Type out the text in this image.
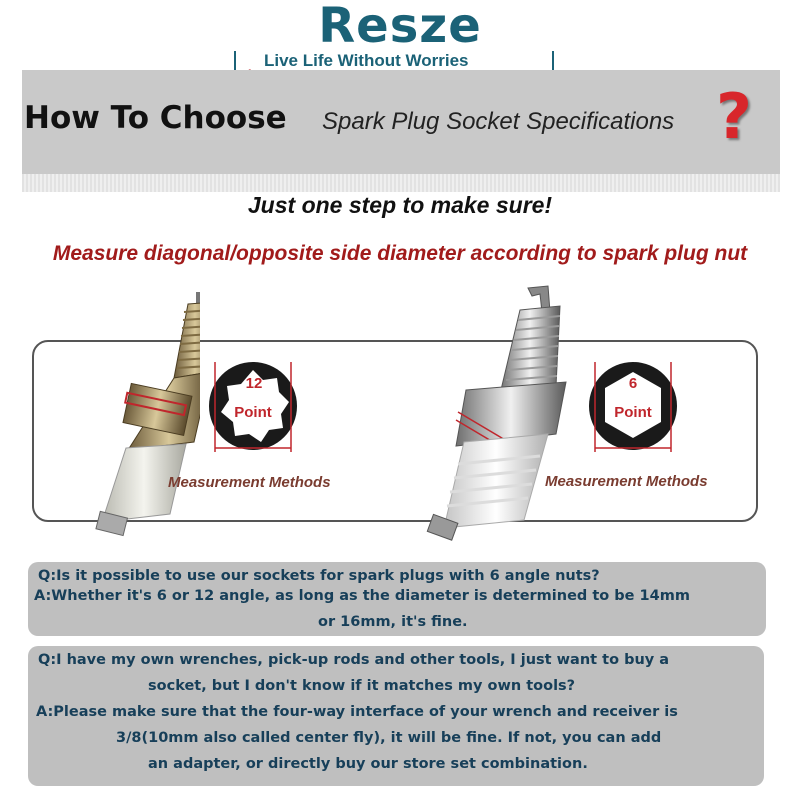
Resze
Live Life Without Worries
How To Choose Spark Plug Socket Specifications ?
Just one step to make sure!
Measure diagonal/opposite side diameter according to spark plug nut
12
Point
Measurement Methods
6
Point
Measurement Methods
Q:Is it possible to use our sockets for spark plugs with 6 angle nuts?
A:Whether it's 6 or 12 angle, as long as the diameter is determined to be 14mm
or 16mm, it's fine.
Q:I have my own wrenches, pick-up rods and other tools, I just want to buy a
socket, but I don't know if it matches my own tools?
A:Please make sure that the four-way interface of your wrench and receiver is
3/8(10mm also called center fly), it will be fine. If not, you can add
an adapter, or directly buy our store set combination.
